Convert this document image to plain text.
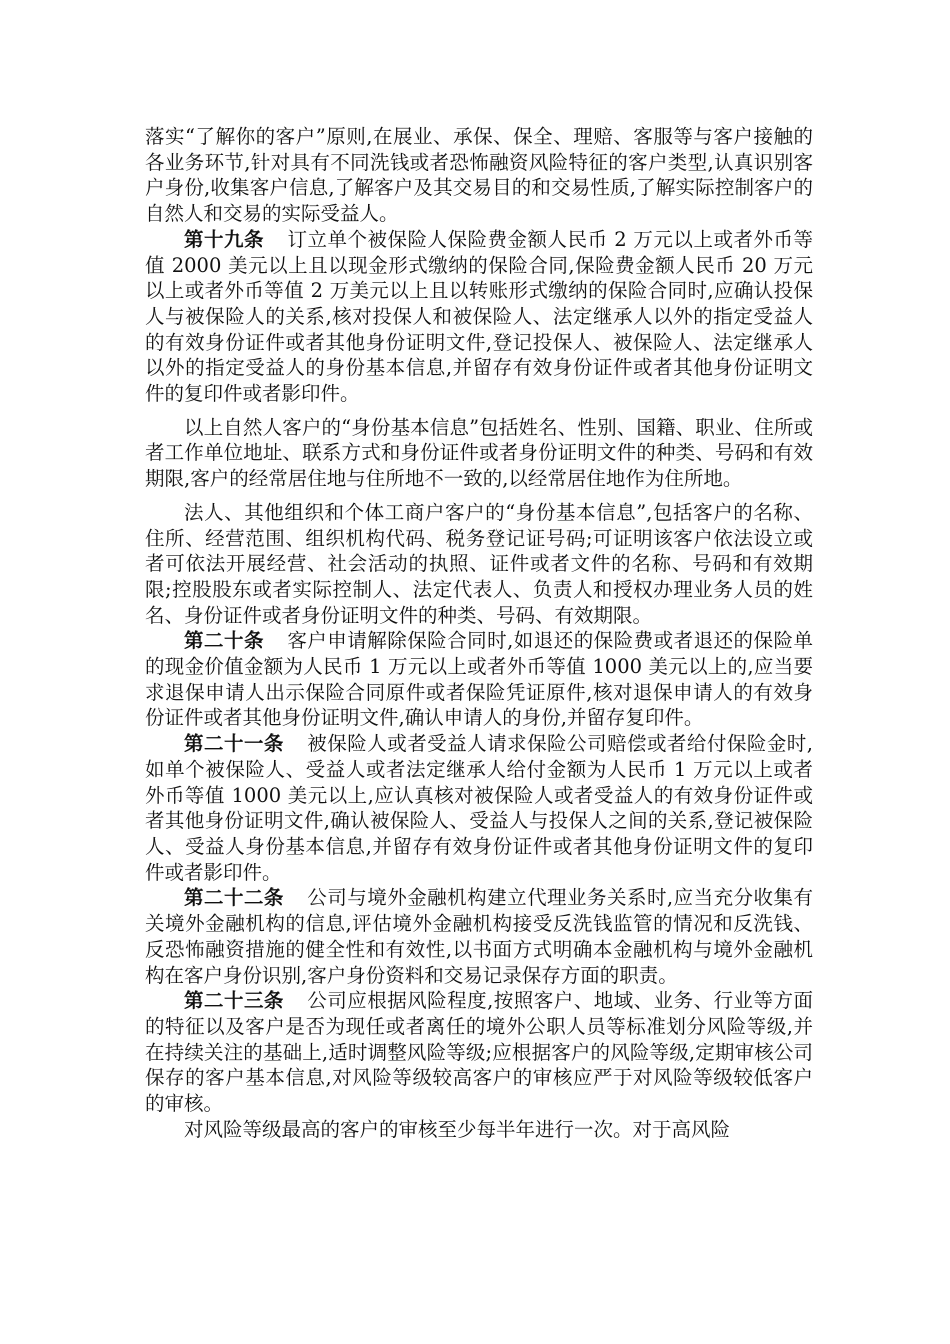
落实“了解你的客户”原则,在展业、承保、保全、理赔、客服等与客户接触的各业务环节,针对具有不同洗钱或者恐怖融资风险特征的客户类型,认真识别客户身份,收集客户信息,了解客户及其交易目的和交易性质,了解实际控制客户的自然人和交易的实际受益人。

第十九条 订立单个被保险人保险费金额人民币 2 万元以上或者外币等值 2000 美元以上且以现金形式缴纳的保险合同,保险费金额人民币 20 万元以上或者外币等值 2 万美元以上且以转账形式缴纳的保险合同时,应确认投保人与被保险人的关系,核对投保人和被保险人、法定继承人以外的指定受益人的有效身份证件或者其他身份证明文件,登记投保人、被保险人、法定继承人以外的指定受益人的身份基本信息,并留存有效身份证件或者其他身份证明文件的复印件或者影印件。

以上自然人客户的“身份基本信息”包括姓名、性别、国籍、职业、住所或者工作单位地址、联系方式和身份证件或者身份证明文件的种类、号码和有效期限,客户的经常居住地与住所地不一致的,以经常居住地作为住所地。

法人、其他组织和个体工商户客户的“身份基本信息”,包括客户的名称、住所、经营范围、组织机构代码、税务登记证号码;可证明该客户依法设立或者可依法开展经营、社会活动的执照、证件或者文件的名称、号码和有效期限;控股股东或者实际控制人、法定代表人、负责人和授权办理业务人员的姓名、身份证件或者身份证明文件的种类、号码、有效期限。

第二十条 客户申请解除保险合同时,如退还的保险费或者退还的保险单的现金价值金额为人民币 1 万元以上或者外币等值 1000 美元以上的,应当要求退保申请人出示保险合同原件或者保险凭证原件,核对退保申请人的有效身份证件或者其他身份证明文件,确认申请人的身份,并留存复印件。

第二十一条 被保险人或者受益人请求保险公司赔偿或者给付保险金时,如单个被保险人、受益人或者法定继承人给付金额为人民币 1 万元以上或者外币等值 1000 美元以上,应认真核对被保险人或者受益人的有效身份证件或者其他身份证明文件,确认被保险人、受益人与投保人之间的关系,登记被保险人、受益人身份基本信息,并留存有效身份证件或者其他身份证明文件的复印件或者影印件。

第二十二条 公司与境外金融机构建立代理业务关系时,应当充分收集有关境外金融机构的信息,评估境外金融机构接受反洗钱监管的情况和反洗钱、反恐怖融资措施的健全性和有效性,以书面方式明确本金融机构与境外金融机构在客户身份识别,客户身份资料和交易记录保存方面的职责。

第二十三条 公司应根据风险程度,按照客户、地域、业务、行业等方面的特征以及客户是否为现任或者离任的境外公职人员等标准划分风险等级,并在持续关注的基础上,适时调整风险等级;应根据客户的风险等级,定期审核公司保存的客户基本信息,对风险等级较高客户的审核应严于对风险等级较低客户的审核。

对风险等级最高的客户的审核至少每半年进行一次。对于高风险
